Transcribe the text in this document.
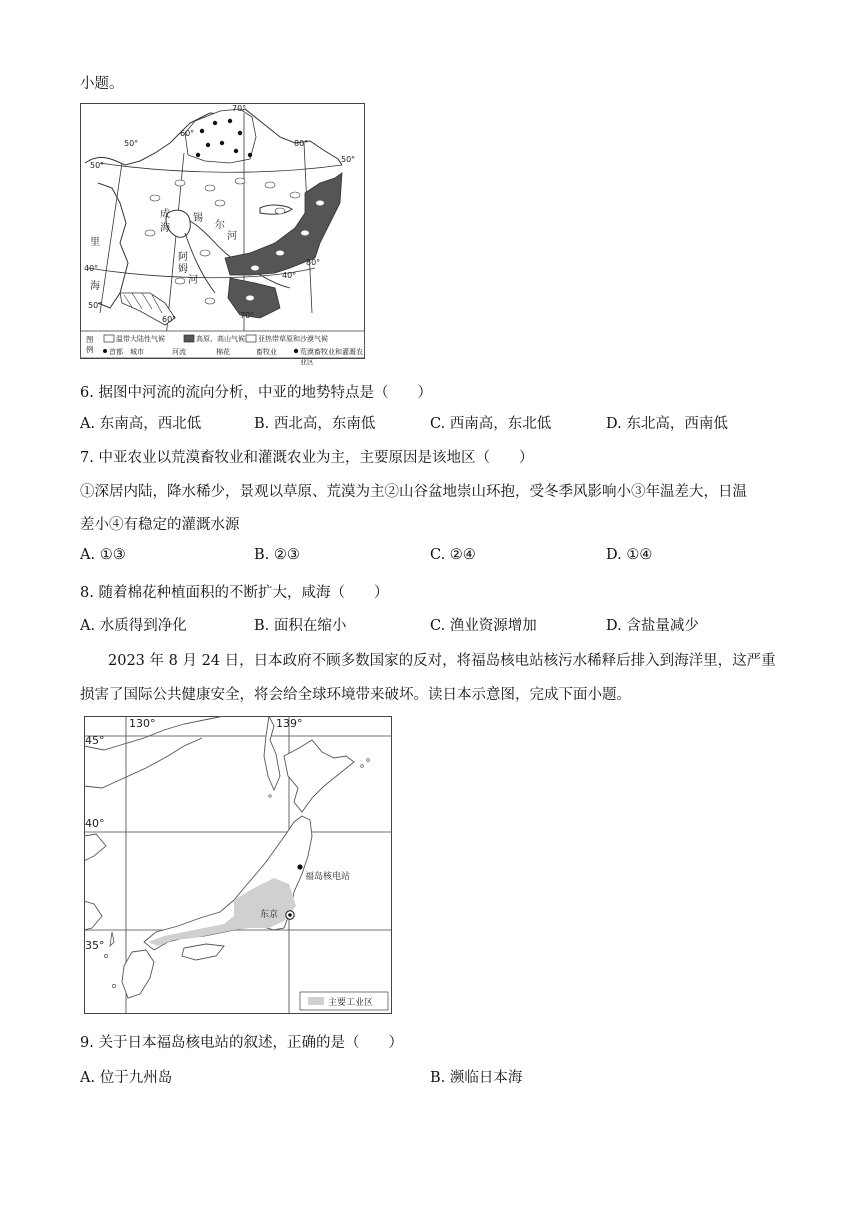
小题。
70°
60°
50°	80°
50°
50°
40°
50°
40°
80°
60°	70°
成
海
锡
尔
河
阿
姆
河
里
海
图例
温带大陆性气候	高原、高山气候 亚热带草原和沙漠气候
首都 城市	河流	棉花	畜牧业	荒漠畜牧业和灌溉农业区
6. 据图中河流的流向分析，中亚的地势特点是（　　）
A. 东南高，西北低	B. 西北高，东南低	C. 西南高，东北低	D. 东北高，西南低
7. 中亚农业以荒漠畜牧业和灌溉农业为主，主要原因是该地区（　　）
①深居内陆，降水稀少，景观以草原、荒漠为主②山谷盆地崇山环抱，受冬季风影响小③年温差大，日温
差小④有稳定的灌溉水源
A. ①③	B. ②③	C. ②④	D. ①④
8. 随着棉花种植面积的不断扩大，咸海（　　）
A. 水质得到净化	B. 面积在缩小	C. 渔业资源增加	D. 含盐量减少
2023 年 8 月 24 日，日本政府不顾多数国家的反对，将福岛核电站核污水稀释后排入到海洋里，这严重
损害了国际公共健康安全，将会给全球环境带来破坏。读日本示意图，完成下面小题。
130°	139°
45°
40°
35°
福岛核电站
东京
主要工业区
9. 关于日本福岛核电站的叙述，正确的是（　　）
A. 位于九州岛	B. 濒临日本海
